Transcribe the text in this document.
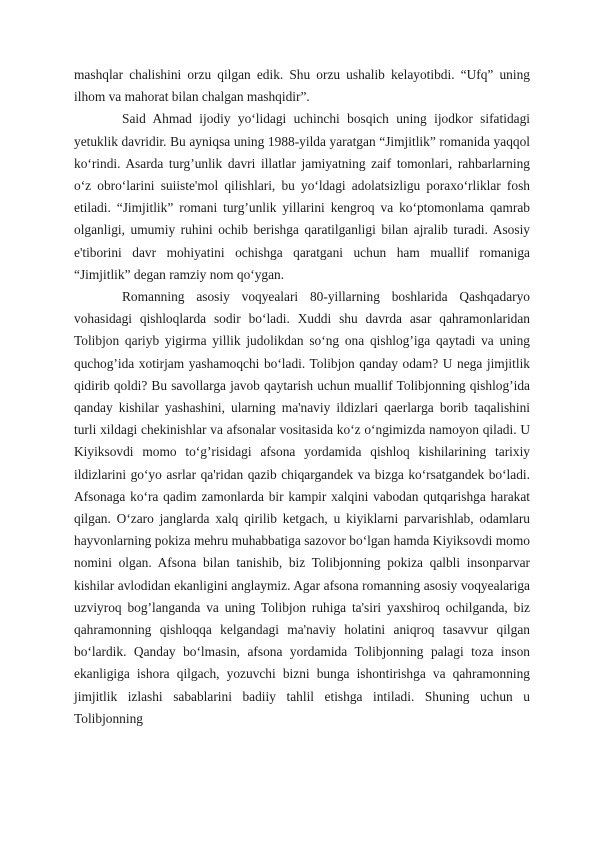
mashqlar chalishini orzu qilgan edik. Shu orzu ushalib kelayotibdi. “Ufq” uning ilhom va mahorat bilan chalgan mashqidir”.

Said Ahmad ijodiy yo‘lidagi uchinchi bosqich uning ijodkor sifatidagi yetuklik davridir. Bu ayniqsa uning 1988-yilda yaratgan “Jimjitlik” romanida yaqqol ko‘rindi. Asarda turg’unlik davri illatlar jamiyatning zaif tomonlari, rahbarlarning o‘z obro‘larini suiiste'mol qilishlari, bu yo‘ldagi adolatsizligu poraxo‘rliklar fosh etiladi. “Jimjitlik” romani turg’unlik yillarini kengroq va ko‘ptomonlama qamrab olganligi, umumiy ruhini ochib berishga qaratilganligi bilan ajralib turadi. Asosiy e'tiborini davr mohiyatini ochishga qaratgani uchun ham muallif romaniga “Jimjitlik” degan ramziy nom qo‘ygan.

Romanning asosiy voqyealari 80-yillarning boshlarida Qashqadaryo vohasidagi qishloqlarda sodir bo‘ladi. Xuddi shu davrda asar qahramonlaridan Tolibjon qariyb yigirma yillik judolikdan so‘ng ona qishlog’iga qaytadi va uning quchog’ida xotirjam yashamoqchi bo‘ladi. Tolibjon qanday odam? U nega jimjitlik qidirib qoldi? Bu savollarga javob qaytarish uchun muallif Tolibjonning qishlog’ida qanday kishilar yashashini, ularning ma'naviy ildizlari qaerlarga borib taqalishini turli xildagi chekinishlar va afsonalar vositasida ko‘z o‘ngimizda namoyon qiladi. U Kiyiksovdi momo to‘g’risidagi afsona yordamida qishloq kishilarining tarixiy ildizlarini go‘yo asrlar qa'ridan qazib chiqargandek va bizga ko‘rsatgandek bo‘ladi. Afsonaga ko‘ra qadim zamonlarda bir kampir xalqini vabodan qutqarishga harakat qilgan. O‘zaro janglarda xalq qirilib ketgach, u kiyiklarni parvarishlab, odamlaru hayvonlarning pokiza mehru muhabbatiga sazovor bo‘lgan hamda Kiyiksovdi momo nomini olgan. Afsona bilan tanishib, biz Tolibjonning pokiza qalbli insonparvar kishilar avlodidan ekanligini anglaymiz. Agar afsona romanning asosiy voqyealariga uzviyroq bog’langanda va uning Tolibjon ruhiga ta'siri yaxshiroq ochilganda, biz qahramonning qishloqqa kelgandagi ma'naviy holatini aniqroq tasavvur qilgan bo‘lardik. Qanday bo‘lmasin, afsona yordamida Tolibjonning palagi toza inson ekanligiga ishora qilgach, yozuvchi bizni bunga ishontirishga va qahramonning jimjitlik izlashi sabablarini badiiy tahlil etishga intiladi. Shuning uchun u Tolibjonning
